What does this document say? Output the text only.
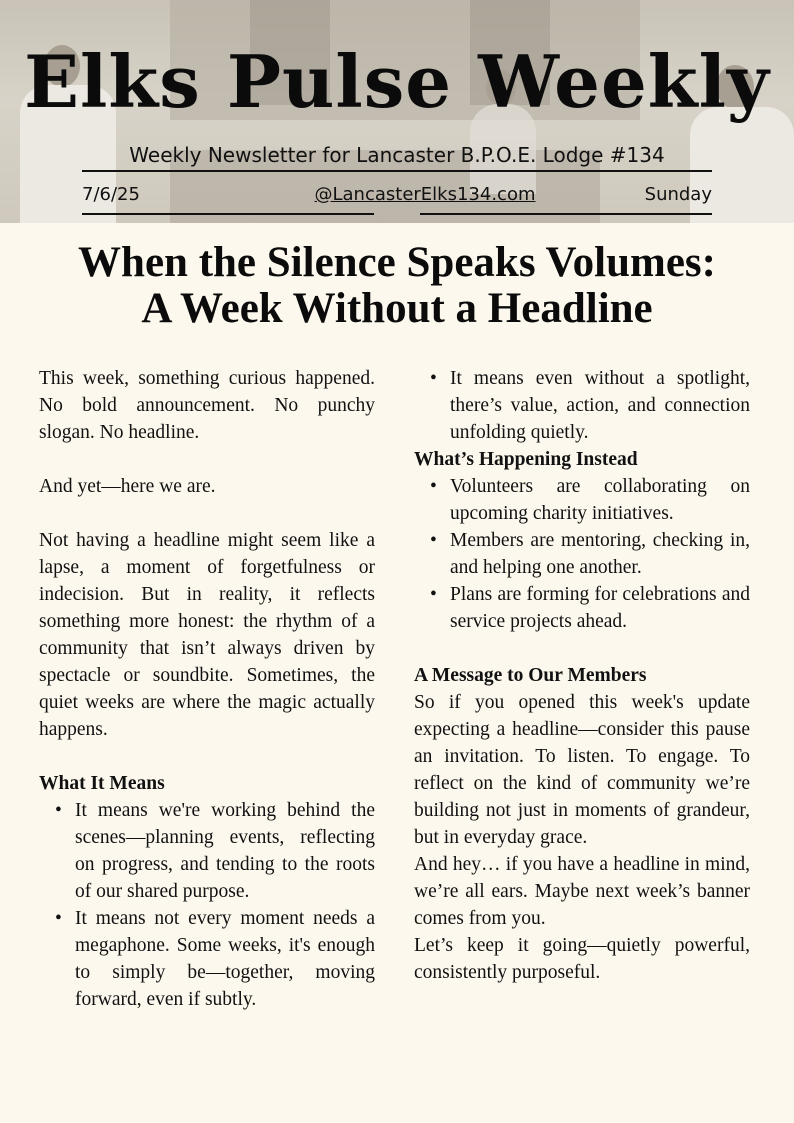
Elks Pulse Weekly
Weekly Newsletter for Lancaster B.P.O.E. Lodge #134
7/6/25	@LancasterElks134.com	Sunday
When the Silence Speaks Volumes:
A Week Without a Headline

This week, something curious happened. No bold announcement. No punchy slogan. No headline.

And yet—here we are.

Not having a headline might seem like a lapse, a moment of forgetfulness or indecision. But in reality, it reflects something more honest: the rhythm of a community that isn’t always driven by spectacle or soundbite. Sometimes, the quiet weeks are where the magic actually happens.

What It Means
• It means we're working behind the scenes—planning events, reflecting on progress, and tending to the roots of our shared purpose.
• It means not every moment needs a megaphone. Some weeks, it's enough to simply be—together, moving forward, even if subtly.
• It means even without a spotlight, there’s value, action, and connection unfolding quietly.
What’s Happening Instead
• Volunteers are collaborating on upcoming charity initiatives.
• Members are mentoring, checking in, and helping one another.
• Plans are forming for celebrations and service projects ahead.
A Message to Our Members

So if you opened this week's update expecting a headline—consider this pause an invitation. To listen. To engage. To reflect on the kind of community we’re building not just in moments of grandeur, but in everyday grace.

And hey… if you have a headline in mind, we’re all ears. Maybe next week’s banner comes from you.

Let’s keep it going—quietly powerful, consistently purposeful.
